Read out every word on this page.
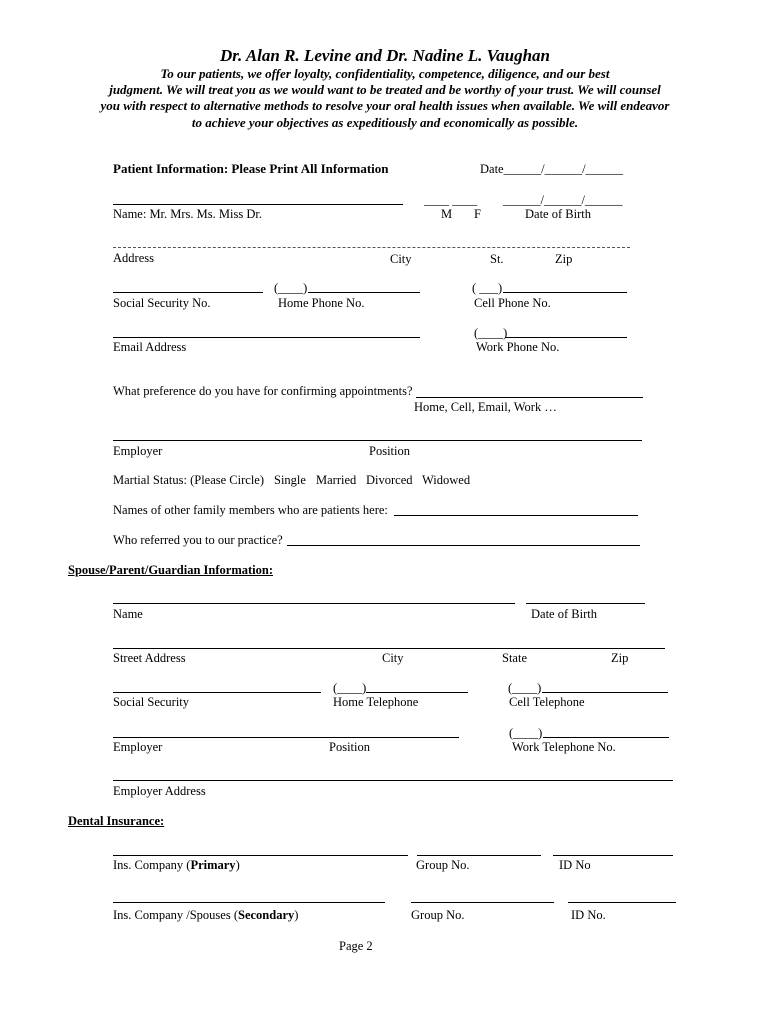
Dr. Alan R. Levine and Dr. Nadine L. Vaughan
To our patients, we offer loyalty, confidentiality, competence, diligence, and our best
judgment. We will treat you as we would want to be treated and be worthy of your trust. We will counsel
you with respect to alternative methods to resolve your oral health issues when available. We will endeavor
to achieve your objectives as expeditiously and economically as possible.
Patient Information: Please Print All Information	Date______/______/______
____ ____ ______/______/______
Name: Mr. Mrs. Ms. Miss Dr.	M F	Date of Birth
Address	City	St.	Zip
(____)	( ___)
Social Security No.	Home Phone No.	Cell Phone No.
(____)
Email Address	Work Phone No.
What preference do you have for confirming appointments?
Home, Cell, Email, Work …
Employer	Position
Martial Status: (Please Circle) Single Married Divorced Widowed
Names of other family members who are patients here:
Who referred you to our practice?
Spouse/Parent/Guardian Information:
Name	Date of Birth
Street Address	City	State	Zip
(____)	(____)
Social Security	Home Telephone	Cell Telephone
(____)
Employer	Position	Work Telephone No.
Employer Address
Dental Insurance:
Ins. Company (Primary)	Group No.	ID No
Ins. Company /Spouses (Secondary)	Group No.	ID No.
Page 2
